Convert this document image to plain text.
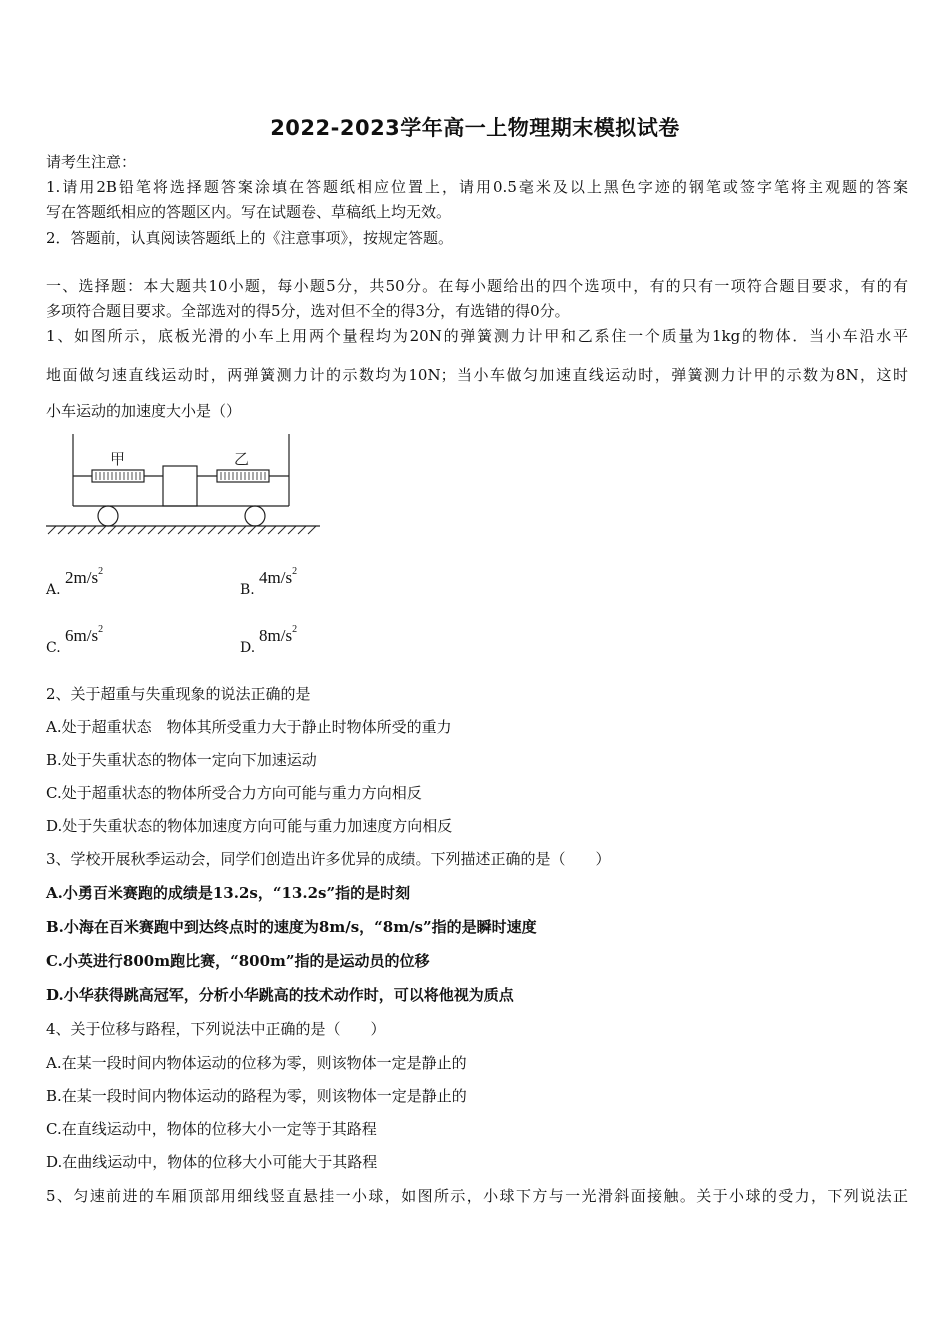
2022-2023学年高一上物理期末模拟试卷
请考生注意：
1.请用2B铅笔将选择题答案涂填在答题纸相应位置上，请用0.5毫米及以上黑色字迹的钢笔或签字笔将主观题的答案
写在答题纸相应的答题区内。写在试题卷、草稿纸上均无效。
2．答题前，认真阅读答题纸上的《注意事项》，按规定答题。
一、选择题：本大题共10小题，每小题5分，共50分。在每小题给出的四个选项中，有的只有一项符合题目要求，有的有
多项符合题目要求。全部选对的得5分，选对但不全的得3分，有选错的得0分。
1、如图所示，底板光滑的小车上用两个量程均为20N的弹簧测力计甲和乙系住一个质量为1kg的物体．当小车沿水平
地面做匀速直线运动时，两弹簧测力计的示数均为10N；当小车做匀加速直线运动时，弹簧测力计甲的示数为8N，这时
小车运动的加速度大小是（）
甲	乙
A.
$2m/s^2$
B.
$4m/s^2$
C.
$6m/s^2$
D.
$8m/s^2$
2、关于超重与失重现象的说法正确的是
A.处于超重状态　物体其所受重力大于静止时物体所受的重力
B.处于失重状态的物体一定向下加速运动
C.处于超重状态的物体所受合力方向可能与重力方向相反
D.处于失重状态的物体加速度方向可能与重力加速度方向相反
3、学校开展秋季运动会，同学们创造出许多优异的成绩。下列描述正确的是（　　）
A.小勇百米赛跑的成绩是13.2s，“13.2s”指的是时刻
B.小海在百米赛跑中到达终点时的速度为8m/s，“8m/s”指的是瞬时速度
C.小英进行800m跑比赛，“800m”指的是运动员的位移
D.小华获得跳高冠军，分析小华跳高的技术动作时，可以将他视为质点
4、关于位移与路程，下列说法中正确的是（　　）
A.在某一段时间内物体运动的位移为零，则该物体一定是静止的
B.在某一段时间内物体运动的路程为零，则该物体一定是静止的
C.在直线运动中，物体的位移大小一定等于其路程
D.在曲线运动中，物体的位移大小可能大于其路程
5、匀速前进的车厢顶部用细线竖直悬挂一小球，如图所示，小球下方与一光滑斜面接触。关于小球的受力，下列说法正
